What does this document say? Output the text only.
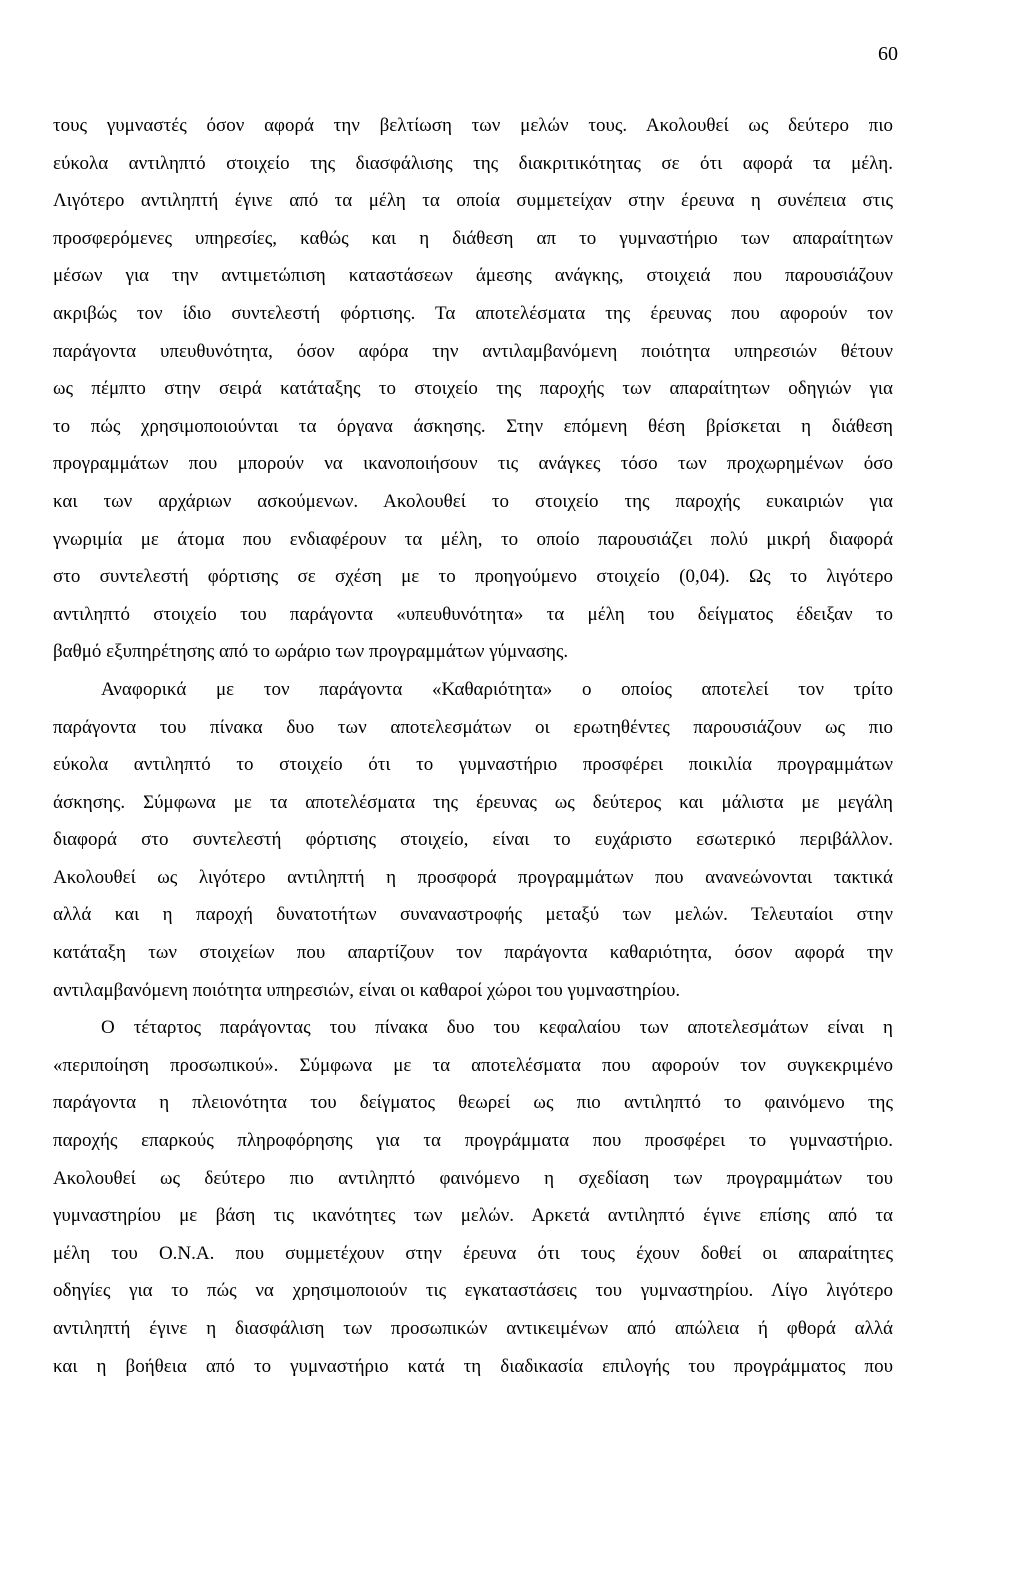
60
τους γυμναστές όσον αφορά την βελτίωση των μελών τους. Ακολουθεί ως δεύτερο πιο
εύκολα αντιληπτό στοιχείο της διασφάλισης της διακριτικότητας σε ότι αφορά τα μέλη.
Λιγότερο αντιληπτή έγινε από τα μέλη τα οποία συμμετείχαν στην έρευνα η συνέπεια στις
προσφερόμενες υπηρεσίες, καθώς και η διάθεση απ το γυμναστήριο των απαραίτητων
μέσων για την αντιμετώπιση καταστάσεων άμεσης ανάγκης, στοιχειά που παρουσιάζουν
ακριβώς τον ίδιο συντελεστή φόρτισης. Τα αποτελέσματα της έρευνας που αφορούν τον
παράγοντα υπευθυνότητα, όσον αφόρα την αντιλαμβανόμενη ποιότητα υπηρεσιών θέτουν
ως πέμπτο στην σειρά κατάταξης το στοιχείο της παροχής των απαραίτητων οδηγιών για
το πώς χρησιμοποιούνται τα όργανα άσκησης. Στην επόμενη θέση βρίσκεται η διάθεση
προγραμμάτων που μπορούν να ικανοποιήσουν τις ανάγκες τόσο των προχωρημένων όσο
και των αρχάριων ασκούμενων. Ακολουθεί το στοιχείο της παροχής ευκαιριών για
γνωριμία με άτομα που ενδιαφέρουν τα μέλη, το οποίο παρουσιάζει πολύ μικρή διαφορά
στο συντελεστή φόρτισης σε σχέση με το προηγούμενο στοιχείο (0,04). Ως το λιγότερο
αντιληπτό στοιχείο του παράγοντα «υπευθυνότητα» τα μέλη του δείγματος έδειξαν το
βαθμό εξυπηρέτησης από το ωράριο των προγραμμάτων γύμνασης.
Αναφορικά με τον παράγοντα «Καθαριότητα» ο οποίος αποτελεί τον τρίτο
παράγοντα του πίνακα δυο των αποτελεσμάτων οι ερωτηθέντες παρουσιάζουν ως πιο
εύκολα αντιληπτό το στοιχείο ότι το γυμναστήριο προσφέρει ποικιλία προγραμμάτων
άσκησης. Σύμφωνα με τα αποτελέσματα της έρευνας ως δεύτερος και μάλιστα με μεγάλη
διαφορά στο συντελεστή φόρτισης στοιχείο, είναι το ευχάριστο εσωτερικό περιβάλλον.
Ακολουθεί ως λιγότερο αντιληπτή η προσφορά προγραμμάτων που ανανεώνονται τακτικά
αλλά και η παροχή δυνατοτήτων συναναστροφής μεταξύ των μελών. Τελευταίοι στην
κατάταξη των στοιχείων που απαρτίζουν τον παράγοντα καθαριότητα, όσον αφορά την
αντιλαμβανόμενη ποιότητα υπηρεσιών, είναι οι καθαροί χώροι του γυμναστηρίου.
Ο τέταρτος παράγοντας του πίνακα δυο του κεφαλαίου των αποτελεσμάτων είναι η
«περιποίηση προσωπικού». Σύμφωνα με τα αποτελέσματα που αφορούν τον συγκεκριμένο
παράγοντα η πλειονότητα του δείγματος θεωρεί ως πιο αντιληπτό το φαινόμενο της
παροχής επαρκούς πληροφόρησης για τα προγράμματα που προσφέρει το γυμναστήριο.
Ακολουθεί ως δεύτερο πιο αντιληπτό φαινόμενο η σχεδίαση των προγραμμάτων του
γυμναστηρίου με βάση τις ικανότητες των μελών. Αρκετά αντιληπτό έγινε επίσης από τα
μέλη του Ο.Ν.Α. που συμμετέχουν στην έρευνα ότι τους έχουν δοθεί οι απαραίτητες
οδηγίες για το πώς να χρησιμοποιούν τις εγκαταστάσεις του γυμναστηρίου. Λίγο λιγότερο
αντιληπτή έγινε η διασφάλιση των προσωπικών αντικειμένων από απώλεια ή φθορά αλλά
και η βοήθεια από το γυμναστήριο κατά τη διαδικασία επιλογής του προγράμματος που
